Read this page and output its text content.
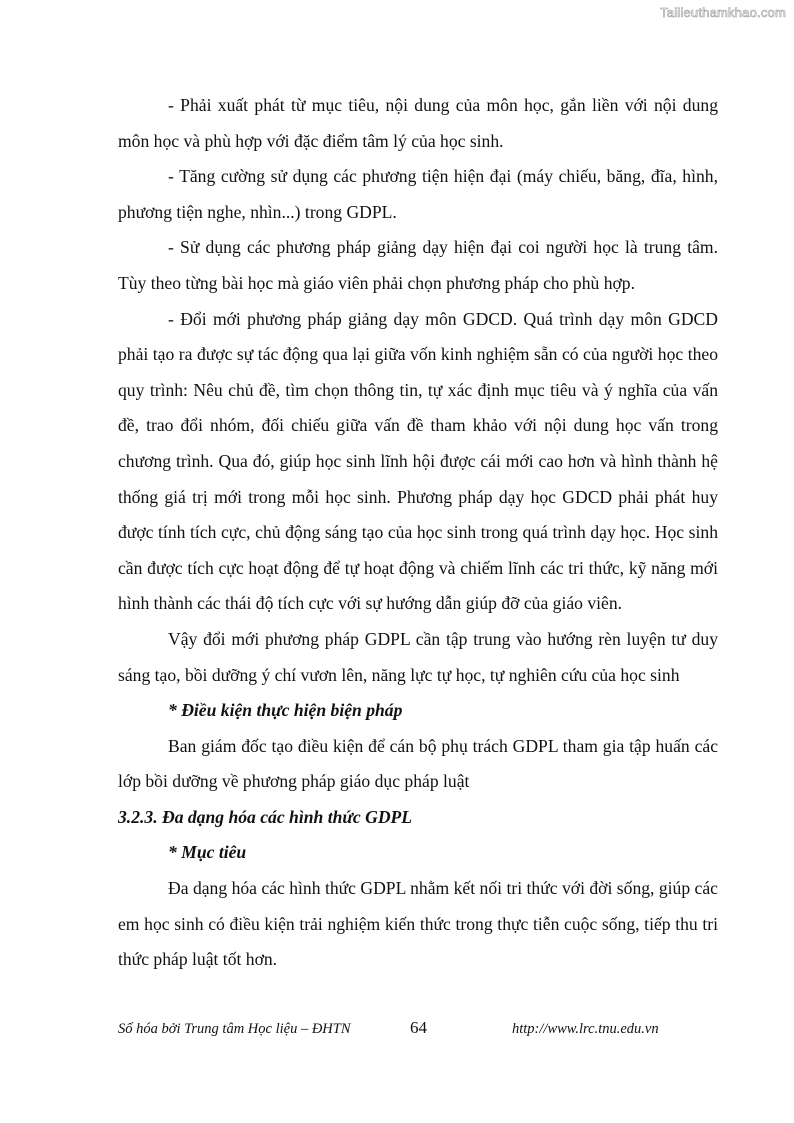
Tailieuthamkhao.com

- Phải xuất phát từ mục tiêu, nội dung của môn học, gắn liền với nội dung môn học và phù hợp với đặc điểm tâm lý của học sinh.

- Tăng cường sử dụng các phương tiện hiện đại (máy chiếu, băng, đĩa, hình, phương tiện nghe, nhìn...) trong GDPL.

- Sử dụng các phương pháp giảng dạy hiện đại coi người học là trung tâm. Tùy theo từng bài học mà giáo viên phải chọn phương pháp cho phù hợp.

- Đổi mới phương pháp giảng dạy môn GDCD. Quá trình dạy môn GDCD phải tạo ra được sự tác động qua lại giữa vốn kinh nghiệm sẵn có của người học theo quy trình: Nêu chủ đề, tìm chọn thông tin, tự xác định mục tiêu và ý nghĩa của vấn đề, trao đổi nhóm, đối chiếu giữa vấn đề tham khảo với nội dung học vấn trong chương trình. Qua đó, giúp học sinh lĩnh hội được cái mới cao hơn và hình thành hệ thống giá trị mới trong mỗi học sinh. Phương pháp dạy học GDCD phải phát huy được tính tích cực, chủ động sáng tạo của học sinh trong quá trình dạy học. Học sinh cần được tích cực hoạt động để tự hoạt động và chiếm lĩnh các tri thức, kỹ năng mới hình thành các thái độ tích cực với sự hướng dẫn giúp đỡ của giáo viên.

Vậy đổi mới phương pháp GDPL cần tập trung vào hướng rèn luyện tư duy sáng tạo, bồi dưỡng ý chí vươn lên, năng lực tự học, tự nghiên cứu của học sinh

* Điều kiện thực hiện biện pháp

Ban giám đốc tạo điều kiện để cán bộ phụ trách GDPL tham gia tập huấn các lớp bồi dưỡng về phương pháp giáo dục pháp luật

3.2.3. Đa dạng hóa các hình thức GDPL

* Mục tiêu

Đa dạng hóa các hình thức GDPL nhằm kết nối tri thức với đời sống, giúp các em học sinh có điều kiện trải nghiệm kiến thức trong thực tiễn cuộc sống, tiếp thu tri thức pháp luật tốt hơn.

Số hóa bởi Trung tâm Học liệu – ĐHTN	64	http://www.lrc.tnu.edu.vn
